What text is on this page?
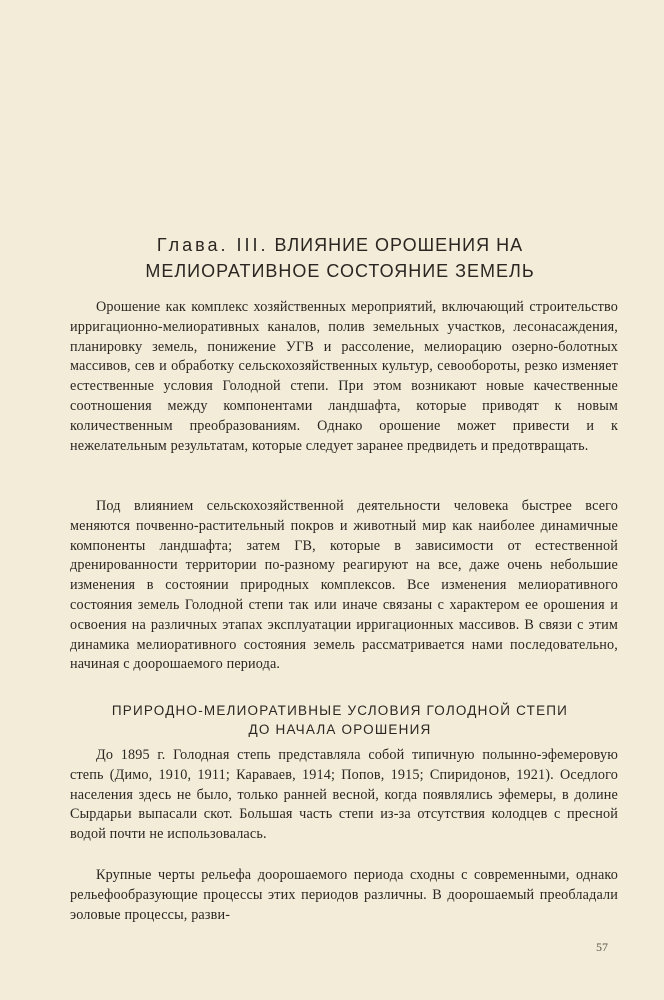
Глава. III. ВЛИЯНИЕ ОРОШЕНИЯ НА
МЕЛИОРАТИВНОЕ СОСТОЯНИЕ ЗЕМЕЛЬ

Орошение как комплекс хозяйственных мероприятий, включающий строительство ирригационно-мелиоративных каналов, полив земельных участков, лесонасаждения, планировку земель, понижение УГВ и рассоление, мелиорацию озерно-болотных массивов, сев и обработку сельскохозяйственных культур, севообороты, резко изменяет естественные условия Голодной степи. При этом возникают новые качественные соотношения между компонентами ландшафта, которые приводят к новым количественным преобразованиям. Однако орошение может привести и к нежелательным результатам, которые следует заранее предвидеть и предотвращать.

Под влиянием сельскохозяйственной деятельности человека быстрее всего меняются почвенно-растительный покров и животный мир как наиболее динамичные компоненты ландшафта; затем ГВ, которые в зависимости от естественной дренированности территории по-разному реагируют на все, даже очень небольшие изменения в состоянии природных комплексов. Все изменения мелиоративного состояния земель Голодной степи так или иначе связаны с характером ее орошения и освоения на различных этапах эксплуатации ирригационных массивов. В связи с этим динамика мелиоративного состояния земель рассматривается нами последовательно, начиная с доорошаемого периода.

ПРИРОДНО-МЕЛИОРАТИВНЫЕ УСЛОВИЯ ГОЛОДНОЙ СТЕПИ
ДО НАЧАЛА ОРОШЕНИЯ

До 1895 г. Голодная степь представляла собой типичную полынно-эфемеровую степь (Димо, 1910, 1911; Караваев, 1914; Попов, 1915; Спиридонов, 1921). Оседлого населения здесь не было, только ранней весной, когда появлялись эфемеры, в долине Сырдарьи выпасали скот. Большая часть степи из-за отсутствия колодцев с пресной водой почти не использовалась.

Крупные черты рельефа доорошаемого периода сходны с современными, однако рельефообразующие процессы этих периодов различны. В доорошаемый преобладали эоловые процессы, разви-

57
